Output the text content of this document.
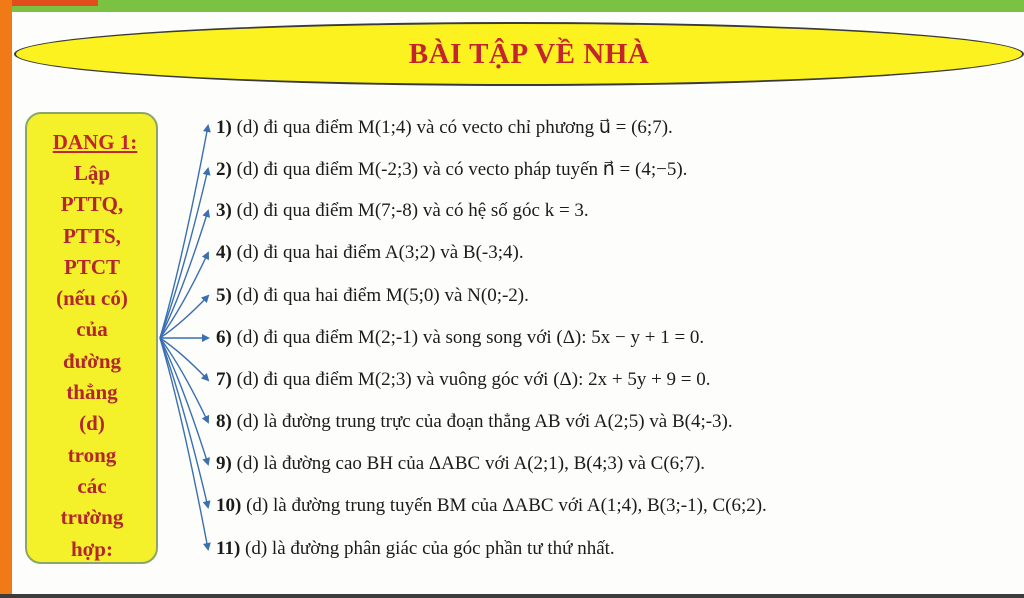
BÀI TẬP VỀ NHÀ
DANG 1:
Lập
PTTQ,
PTTS,
PTCT
(nếu có)
của
đường
thẳng
(d)
trong
các
trường
hợp:
1) (d) đi qua điểm M(1;4) và có vecto chỉ phương u⃗ = (6;7).
2) (d) đi qua điểm M(-2;3) và có vecto pháp tuyến n⃗ = (4;−5).
3) (d) đi qua điểm M(7;-8) và có hệ số góc k = 3.
4) (d) đi qua hai điểm A(3;2) và B(-3;4).
5) (d) đi qua hai điểm M(5;0) và N(0;-2).
6) (d) đi qua điểm M(2;-1) và song song với (Δ): 5x − y + 1 = 0.
7) (d) đi qua điểm M(2;3) và vuông góc với (Δ): 2x + 5y + 9 = 0.
8) (d) là đường trung trực của đoạn thẳng AB với A(2;5) và B(4;-3).
9) (d) là đường cao BH của ΔABC với A(2;1), B(4;3) và C(6;7).
10) (d) là đường trung tuyến BM của ΔABC với A(1;4), B(3;-1), C(6;2).
11) (d) là đường phân giác của góc phần tư thứ nhất.
